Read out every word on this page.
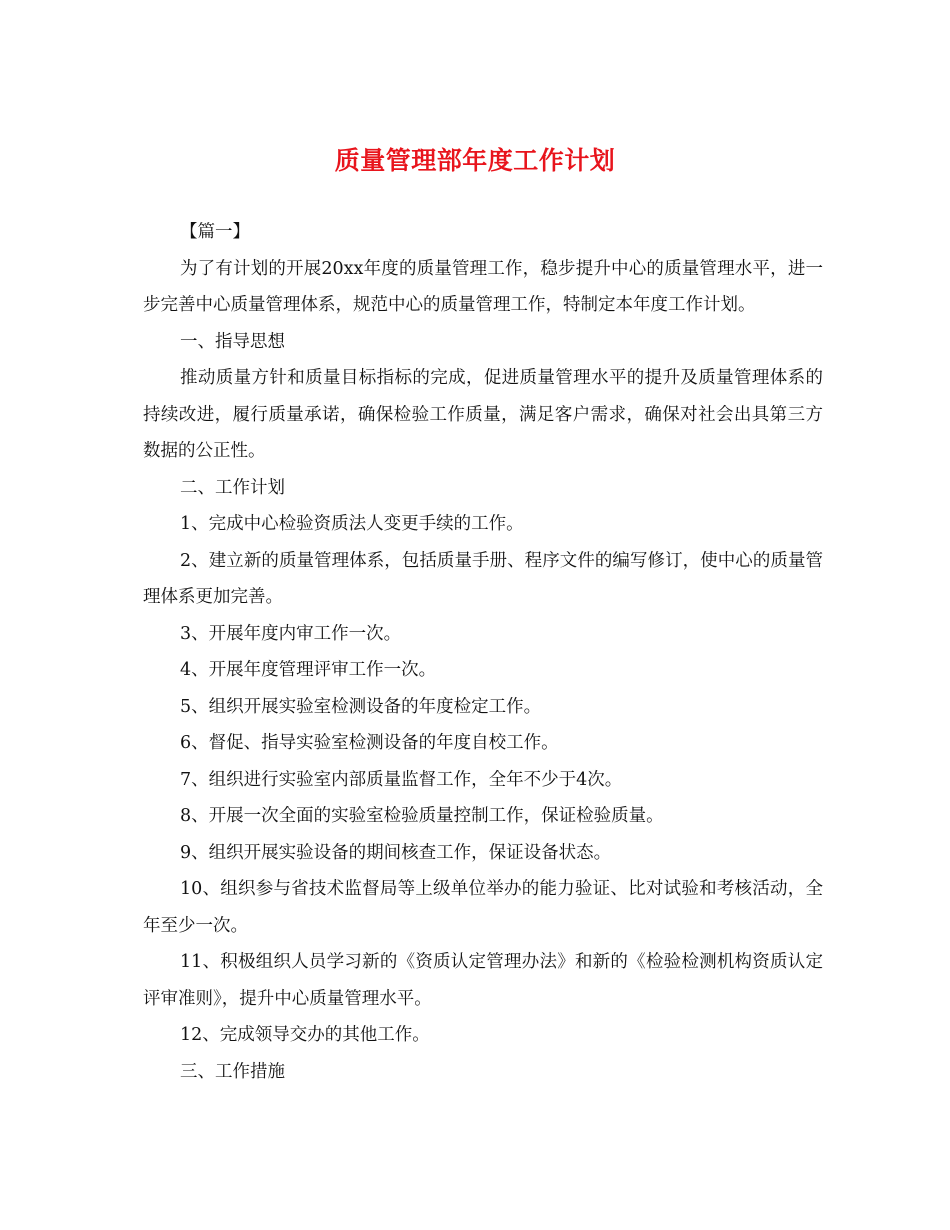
质量管理部年度工作计划

【篇一】

为了有计划的开展20xx年度的质量管理工作，稳步提升中心的质量管理水平，进一步完善中心质量管理体系，规范中心的质量管理工作，特制定本年度工作计划。

一、指导思想

推动质量方针和质量目标指标的完成，促进质量管理水平的提升及质量管理体系的持续改进，履行质量承诺，确保检验工作质量，满足客户需求，确保对社会出具第三方数据的公正性。

二、工作计划

1、完成中心检验资质法人变更手续的工作。

2、建立新的质量管理体系，包括质量手册、程序文件的编写修订，使中心的质量管理体系更加完善。

3、开展年度内审工作一次。

4、开展年度管理评审工作一次。

5、组织开展实验室检测设备的年度检定工作。

6、督促、指导实验室检测设备的年度自校工作。

7、组织进行实验室内部质量监督工作，全年不少于4次。

8、开展一次全面的实验室检验质量控制工作，保证检验质量。

9、组织开展实验设备的期间核查工作，保证设备状态。

10、组织参与省技术监督局等上级单位举办的能力验证、比对试验和考核活动，全年至少一次。

11、积极组织人员学习新的《资质认定管理办法》和新的《检验检测机构资质认定评审准则》，提升中心质量管理水平。

12、完成领导交办的其他工作。

三、工作措施
